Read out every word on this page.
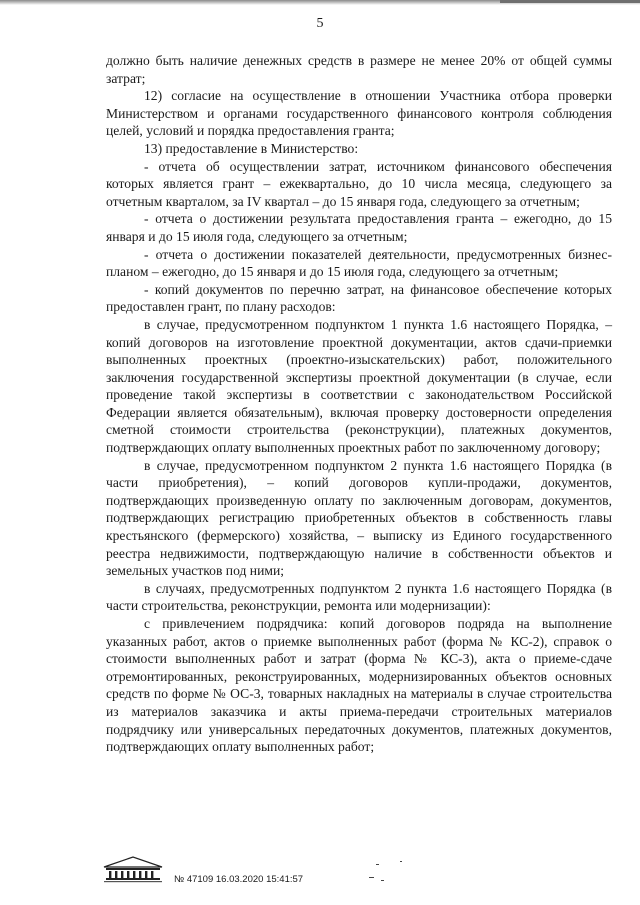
5

должно быть наличие денежных средств в размере не менее 20% от общей суммы затрат;

12) согласие на осуществление в отношении Участника отбора проверки Министерством и органами государственного финансового контроля соблюдения целей, условий и порядка предоставления гранта;

13) предоставление в Министерство:

- отчета об осуществлении затрат, источником финансового обеспечения которых является грант – ежеквартально, до 10 числа месяца, следующего за отчетным кварталом, за IV квартал – до 15 января года, следующего за отчетным;

- отчета о достижении результата предоставления гранта – ежегодно, до 15 января и до 15 июля года, следующего за отчетным;

- отчета о достижении показателей деятельности, предусмотренных бизнес-планом – ежегодно, до 15 января и до 15 июля года, следующего за отчетным;

- копий документов по перечню затрат, на финансовое обеспечение которых предоставлен грант, по плану расходов:

в случае, предусмотренном подпунктом 1 пункта 1.6 настоящего Порядка, – копий договоров на изготовление проектной документации, актов сдачи-приемки выполненных проектных (проектно-изыскательских) работ, положительного заключения государственной экспертизы проектной документации (в случае, если проведение такой экспертизы в соответствии с законодательством Российской Федерации является обязательным), включая проверку достоверности определения сметной стоимости строительства (реконструкции), платежных документов, подтверждающих оплату выполненных проектных работ по заключенному договору;

в случае, предусмотренном подпунктом 2 пункта 1.6 настоящего Порядка (в части приобретения), – копий договоров купли-продажи, документов, подтверждающих произведенную оплату по заключенным договорам, документов, подтверждающих регистрацию приобретенных объектов в собственность главы крестьянского (фермерского) хозяйства, – выписку из Единого государственного реестра недвижимости, подтверждающую наличие в собственности объектов и земельных участков под ними;

в случаях, предусмотренных подпунктом 2 пункта 1.6 настоящего Порядка (в части строительства, реконструкции, ремонта или модернизации):

с привлечением подрядчика: копий договоров подряда на выполнение указанных работ, актов о приемке выполненных работ (форма № КС-2), справок о стоимости выполненных работ и затрат (форма № КС-3), акта о приеме-сдаче отремонтированных, реконструированных, модернизированных объектов основных средств по форме № ОС-3, товарных накладных на материалы в случае строительства из материалов заказчика и акты приема-передачи строительных материалов подрядчику или универсальных передаточных документов, платежных документов, подтверждающих оплату выполненных работ;

№ 47109 16.03.2020 15:41:57
